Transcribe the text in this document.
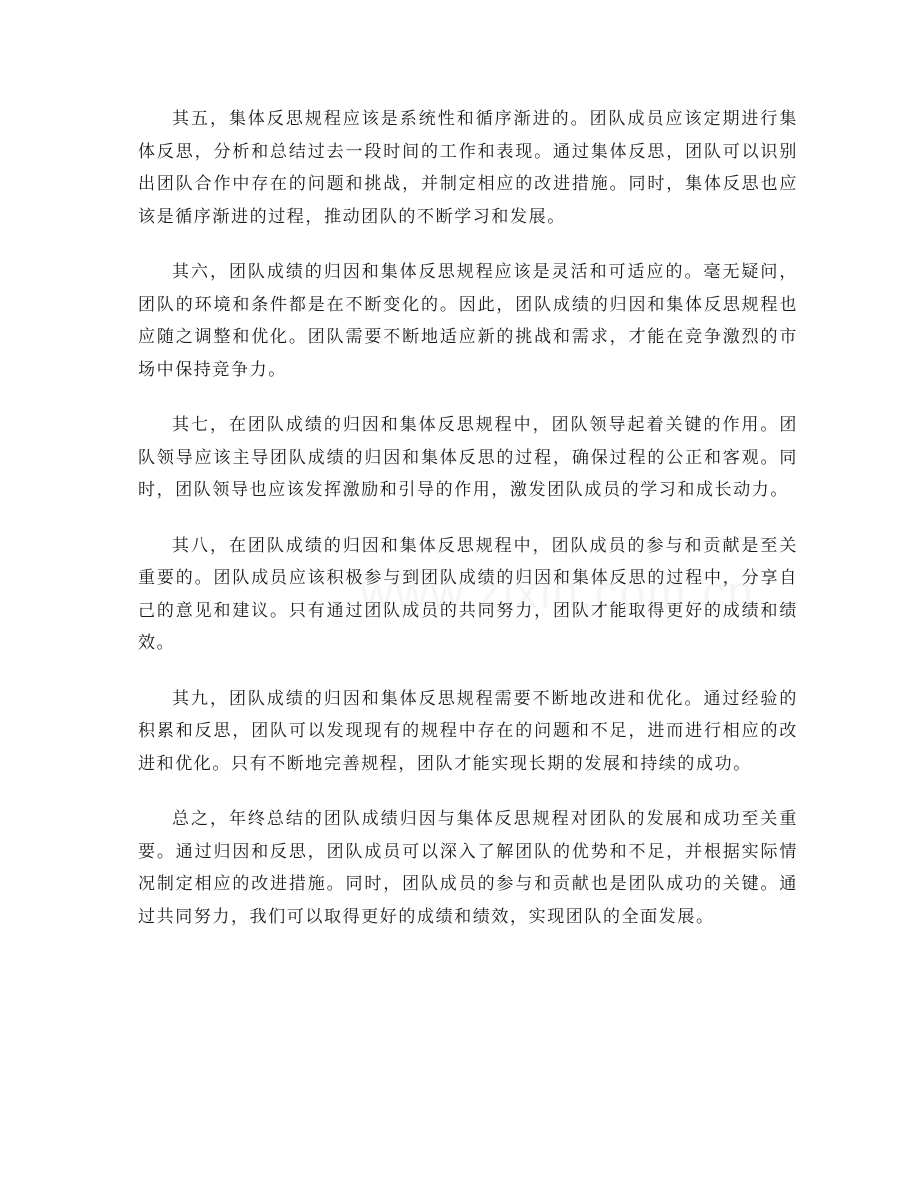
其五，集体反思规程应该是系统性和循序渐进的。团队成员应该定期进行集体反思，分析和总结过去一段时间的工作和表现。通过集体反思，团队可以识别出团队合作中存在的问题和挑战，并制定相应的改进措施。同时，集体反思也应该是循序渐进的过程，推动团队的不断学习和发展。

其六，团队成绩的归因和集体反思规程应该是灵活和可适应的。毫无疑问，团队的环境和条件都是在不断变化的。因此，团队成绩的归因和集体反思规程也应随之调整和优化。团队需要不断地适应新的挑战和需求，才能在竞争激烈的市场中保持竞争力。

其七，在团队成绩的归因和集体反思规程中，团队领导起着关键的作用。团队领导应该主导团队成绩的归因和集体反思的过程，确保过程的公正和客观。同时，团队领导也应该发挥激励和引导的作用，激发团队成员的学习和成长动力。

其八，在团队成绩的归因和集体反思规程中，团队成员的参与和贡献是至关重要的。团队成员应该积极参与到团队成绩的归因和集体反思的过程中，分享自己的意见和建议。只有通过团队成员的共同努力，团队才能取得更好的成绩和绩效。

其九，团队成绩的归因和集体反思规程需要不断地改进和优化。通过经验的积累和反思，团队可以发现现有的规程中存在的问题和不足，进而进行相应的改进和优化。只有不断地完善规程，团队才能实现长期的发展和持续的成功。

总之，年终总结的团队成绩归因与集体反思规程对团队的发展和成功至关重要。通过归因和反思，团队成员可以深入了解团队的优势和不足，并根据实际情况制定相应的改进措施。同时，团队成员的参与和贡献也是团队成功的关键。通过共同努力，我们可以取得更好的成绩和绩效，实现团队的全面发展。
